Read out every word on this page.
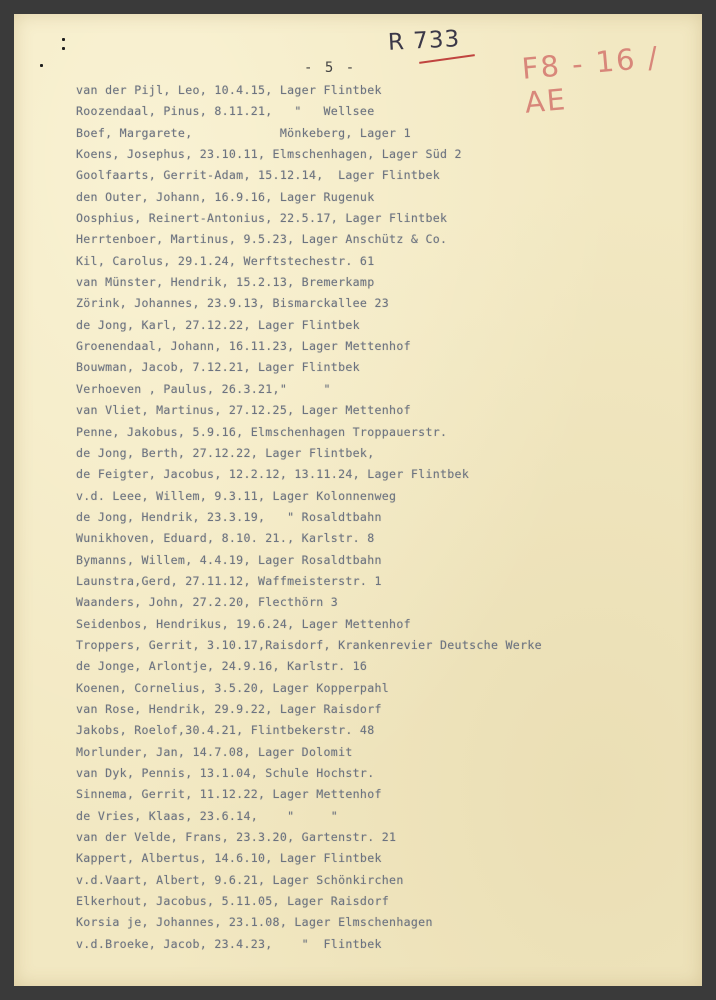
R 733 F8 - 16 / AE
- 5 -
van der Pijl, Leo, 10.4.15, Lager Flintbek
Roozendaal, Pinus, 8.11.21,   "   Wellsee
Boef, Margarete,            Mönkeberg, Lager 1
Koens, Josephus, 23.10.11, Elmschenhagen, Lager Süd 2
Goolfaarts, Gerrit-Adam, 15.12.14,  Lager Flintbek
den Outer, Johann, 16.9.16, Lager Rugenuk
Oosphius, Reinert-Antonius, 22.5.17, Lager Flintbek
Herrtenboer, Martinus, 9.5.23, Lager Anschütz & Co.
Kil, Carolus, 29.1.24, Werftstechestr. 61
van Münster, Hendrik, 15.2.13, Bremerkamp
Zörink, Johannes, 23.9.13, Bismarckallee 23
de Jong, Karl, 27.12.22, Lager Flintbek
Groenendaal, Johann, 16.11.23, Lager Mettenhof
Bouwman, Jacob, 7.12.21, Lager Flintbek
Verhoeven , Paulus, 26.3.21,"     "
van Vliet, Martinus, 27.12.25, Lager Mettenhof
Penne, Jakobus, 5.9.16, Elmschenhagen Troppauerstr.
de Jong, Berth, 27.12.22, Lager Flintbek,
de Feigter, Jacobus, 12.2.12, 13.11.24, Lager Flintbek
v.d. Leee, Willem, 9.3.11, Lager Kolonnenweg
de Jong, Hendrik, 23.3.19,   " Rosaldtbahn
Wunikhoven, Eduard, 8.10. 21., Karlstr. 8
Bymanns, Willem, 4.4.19, Lager Rosaldtbahn
Launstra,Gerd, 27.11.12, Waffmeisterstr. 1
Waanders, John, 27.2.20, Flecthörn 3
Seidenbos, Hendrikus, 19.6.24, Lager Mettenhof
Troppers, Gerrit, 3.10.17,Raisdorf, Krankenrevier Deutsche Werke
de Jonge, Arlontje, 24.9.16, Karlstr. 16
Koenen, Cornelius, 3.5.20, Lager Kopperpahl
van Rose, Hendrik, 29.9.22, Lager Raisdorf
Jakobs, Roelof,30.4.21, Flintbekerstr. 48
Morlunder, Jan, 14.7.08, Lager Dolomit
van Dyk, Pennis, 13.1.04, Schule Hochstr.
Sinnema, Gerrit, 11.12.22, Lager Mettenhof
de Vries, Klaas, 23.6.14,    "     "
van der Velde, Frans, 23.3.20, Gartenstr. 21
Kappert, Albertus, 14.6.10, Lager Flintbek
v.d.Vaart, Albert, 9.6.21, Lager Schönkirchen
Elkerhout, Jacobus, 5.11.05, Lager Raisdorf
Korsia je, Johannes, 23.1.08, Lager Elmschenhagen
v.d.Broeke, Jacob, 23.4.23,    "  Flintbek
